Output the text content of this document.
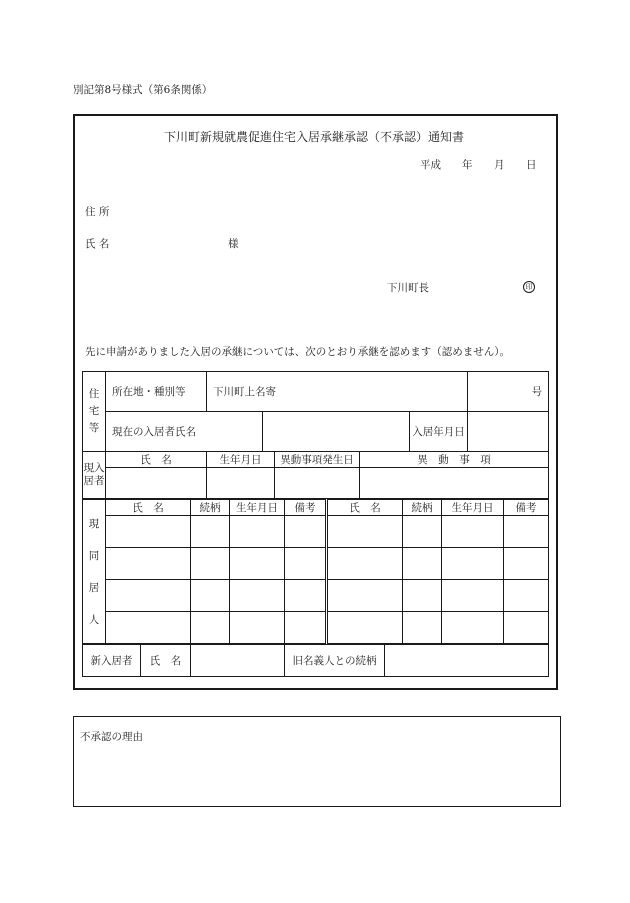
別記第8号様式（第6条関係）
下川町新規就農促進住宅入居承継承認（不承認）通知書
平成 年 月 日
住 所
氏 名	様
下川町長	印
先に申請がありました入居の承継については、次のとおり承継を認めます（認めません）。
住
宅
等	所在地・種別等	下川町上名寄					号
	現在の入居者氏名					入居年月日	

現入
居者	氏　名	生年月日		異動事項発生日	異　動　事　項		

現
同
居
人	氏　名	続柄	生年月日	備考	氏　名	続柄	生年月日	備考

新入居者	氏　名		旧名義人との続柄	
不承認の理由
